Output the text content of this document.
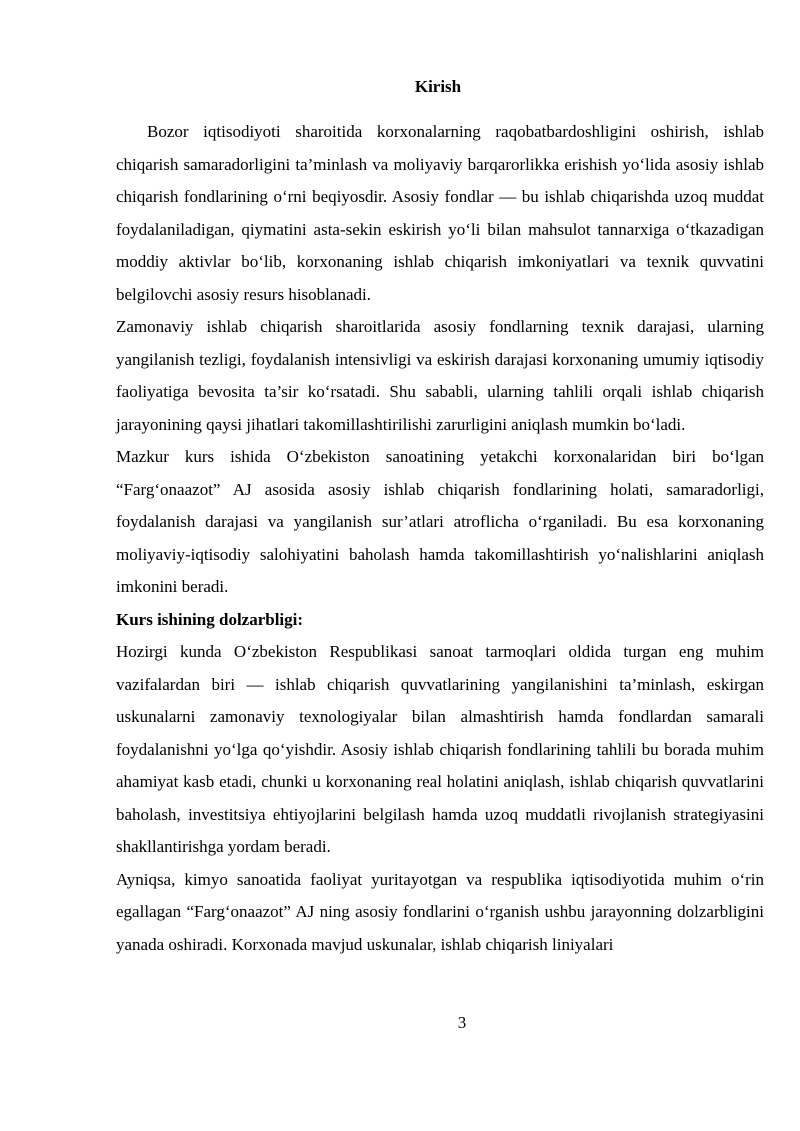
Kirish

Bozor iqtisodiyoti sharoitida korxonalarning raqobatbardoshligini oshirish, ishlab chiqarish samaradorligini ta’minlash va moliyaviy barqarorlikka erishish yo‘lida asosiy ishlab chiqarish fondlarining o‘rni beqiyosdir. Asosiy fondlar — bu ishlab chiqarishda uzoq muddat foydalaniladigan, qiymatini asta-sekin eskirish yo‘li bilan mahsulot tannarxiga o‘tkazadigan moddiy aktivlar bo‘lib, korxonaning ishlab chiqarish imkoniyatlari va texnik quvvatini belgilovchi asosiy resurs hisoblanadi.

Zamonaviy ishlab chiqarish sharoitlarida asosiy fondlarning texnik darajasi, ularning yangilanish tezligi, foydalanish intensivligi va eskirish darajasi korxonaning umumiy iqtisodiy faoliyatiga bevosita ta’sir ko‘rsatadi. Shu sababli, ularning tahlili orqali ishlab chiqarish jarayonining qaysi jihatlari takomillashtirilishi zarurligini aniqlash mumkin bo‘ladi.

Mazkur kurs ishida O‘zbekiston sanoatining yetakchi korxonalaridan biri bo‘lgan “Farg‘onaazot” AJ asosida asosiy ishlab chiqarish fondlarining holati, samaradorligi, foydalanish darajasi va yangilanish sur’atlari atroflicha o‘rganiladi. Bu esa korxonaning moliyaviy-iqtisodiy salohiyatini baholash hamda takomillashtirish yo‘nalishlarini aniqlash imkonini beradi.

Kurs ishining dolzarbligi:

Hozirgi kunda O‘zbekiston Respublikasi sanoat tarmoqlari oldida turgan eng muhim vazifalardan biri — ishlab chiqarish quvvatlarining yangilanishini ta’minlash, eskirgan uskunalarni zamonaviy texnologiyalar bilan almashtirish hamda fondlardan samarali foydalanishni yo‘lga qo‘yishdir. Asosiy ishlab chiqarish fondlarining tahlili bu borada muhim ahamiyat kasb etadi, chunki u korxonaning real holatini aniqlash, ishlab chiqarish quvvatlarini baholash, investitsiya ehtiyojlarini belgilash hamda uzoq muddatli rivojlanish strategiyasini shakllantirishga yordam beradi.

Ayniqsa, kimyo sanoatida faoliyat yuritayotgan va respublika iqtisodiyotida muhim o‘rin egallagan “Farg‘onaazot” AJ ning asosiy fondlarini o‘rganish ushbu jarayonning dolzarbligini yanada oshiradi. Korxonada mavjud uskunalar, ishlab chiqarish liniyalari

3
